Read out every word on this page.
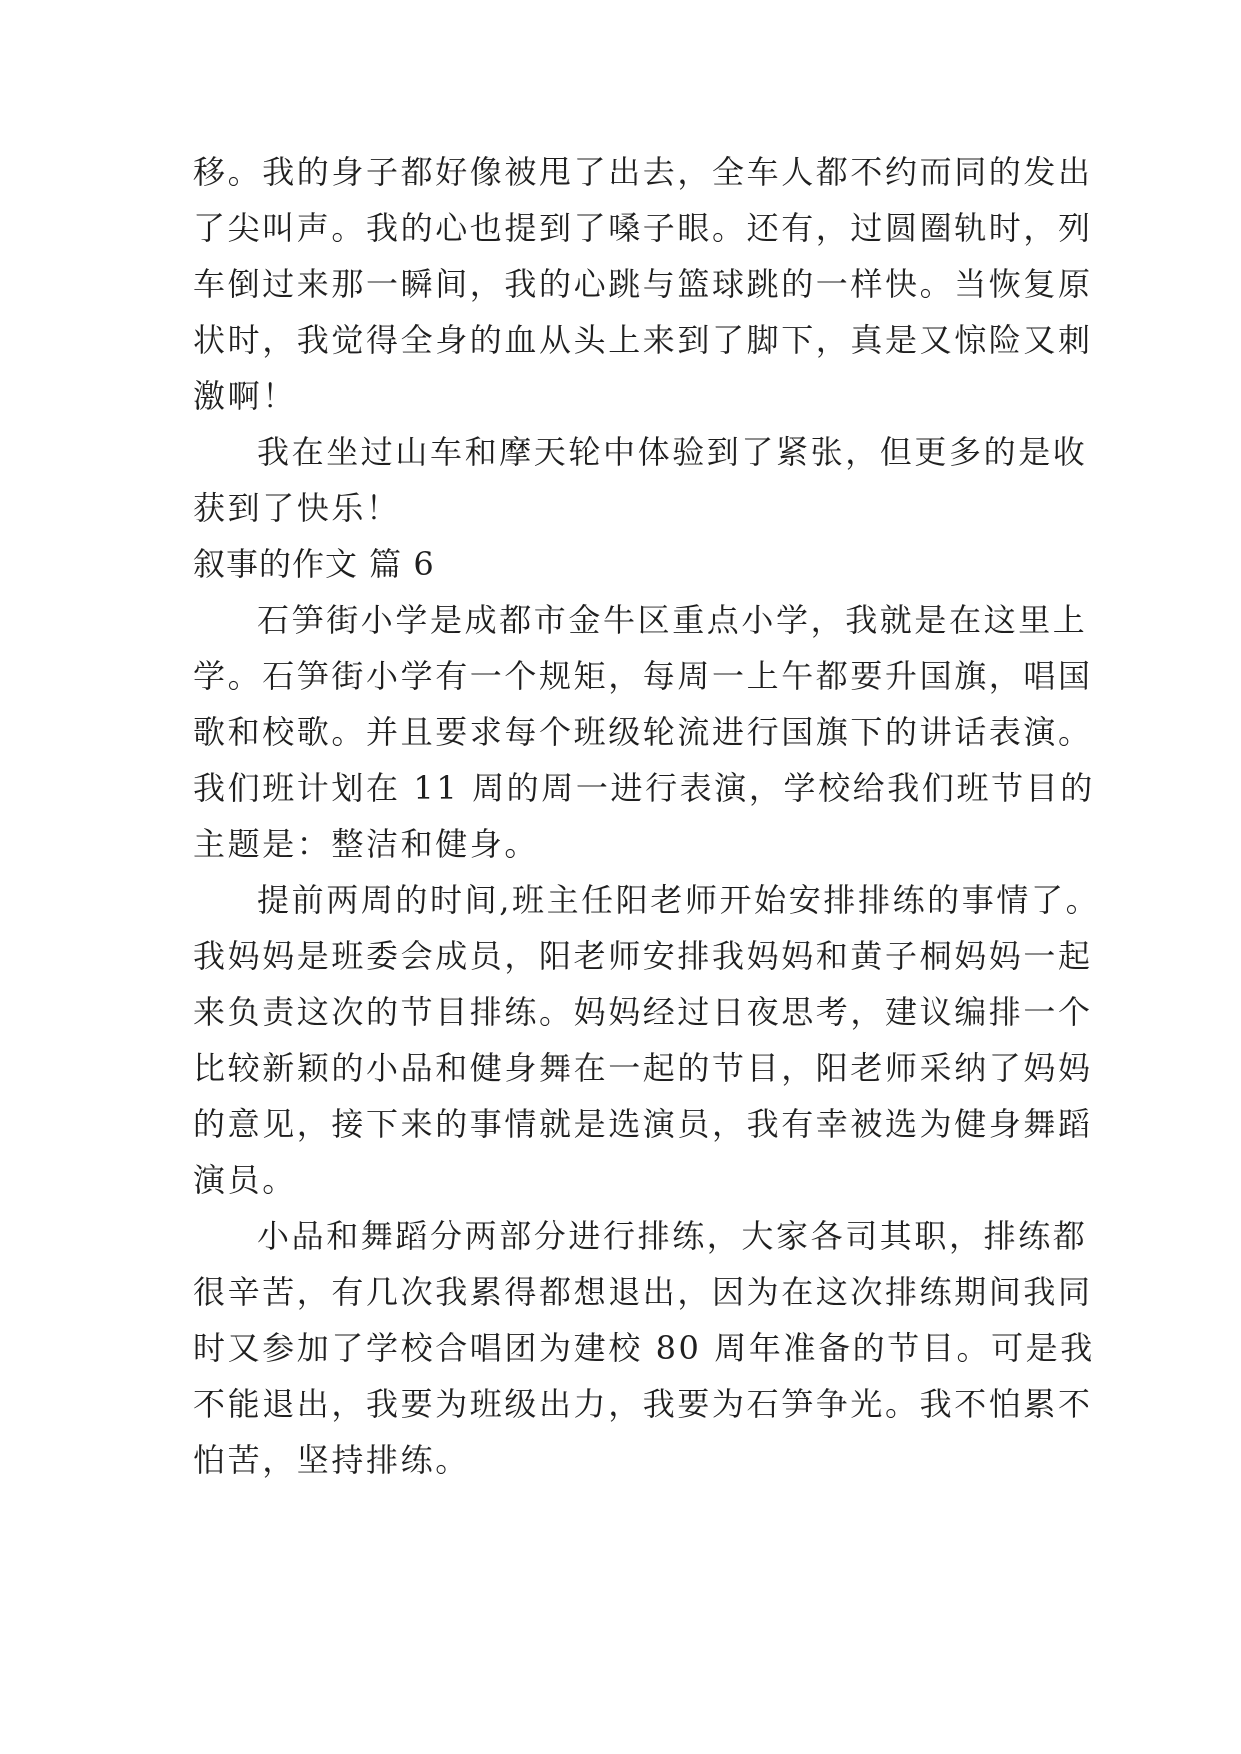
移。我的身子都好像被甩了出去，全车人都不约而同的发出
了尖叫声。我的心也提到了嗓子眼。还有，过圆圈轨时，列
车倒过来那一瞬间，我的心跳与篮球跳的一样快。当恢复原
状时，我觉得全身的血从头上来到了脚下，真是又惊险又刺
激啊！
我在坐过山车和摩天轮中体验到了紧张，但更多的是收
获到了快乐！
叙事的作文 篇 6
石笋街小学是成都市金牛区重点小学，我就是在这里上
学。石笋街小学有一个规矩，每周一上午都要升国旗，唱国
歌和校歌。并且要求每个班级轮流进行国旗下的讲话表演。
我们班计划在 11 周的周一进行表演，学校给我们班节目的
主题是：整洁和健身。
提前两周的时间,班主任阳老师开始安排排练的事情了。
我妈妈是班委会成员，阳老师安排我妈妈和黄子桐妈妈一起
来负责这次的节目排练。妈妈经过日夜思考，建议编排一个
比较新颖的小品和健身舞在一起的节目，阳老师采纳了妈妈
的意见，接下来的事情就是选演员，我有幸被选为健身舞蹈
演员。
小品和舞蹈分两部分进行排练，大家各司其职，排练都
很辛苦，有几次我累得都想退出，因为在这次排练期间我同
时又参加了学校合唱团为建校 80 周年准备的节目。可是我
不能退出，我要为班级出力，我要为石笋争光。我不怕累不
怕苦，坚持排练。
